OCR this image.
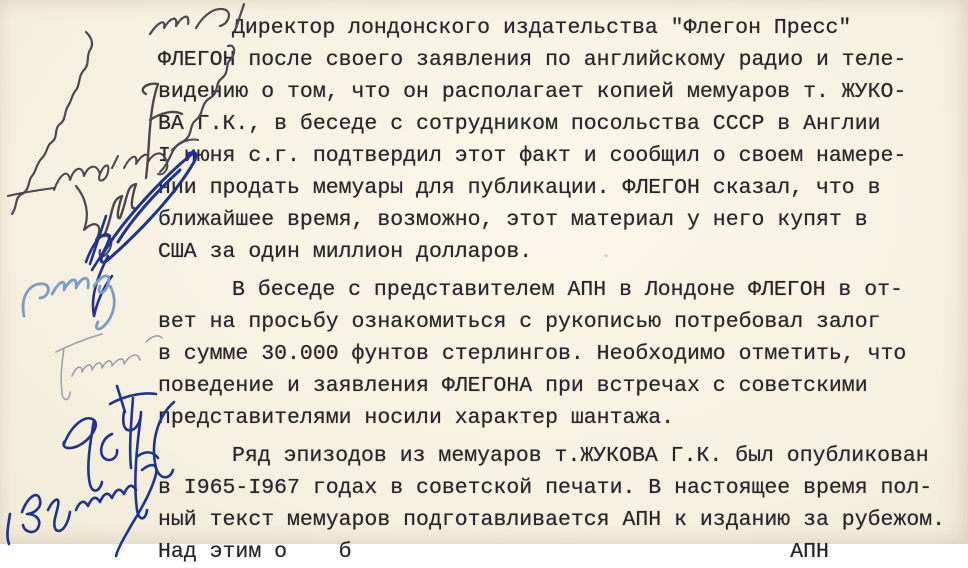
Директор лондонского издательства "Флегон Пресс"
ФЛЕГОН после своего заявления по английскому радио и теле-
видению о том, что он располагает копией мемуаров т. ЖУКО-
ВА Г.К., в беседе с сотрудником посольства СССР в Англии
I июня с.г. подтвердил этот факт и сообщил о своем намере-
нии продать мемуары для публикации. ФЛЕГОН сказал, что в
ближайшее время, возможно, этот материал у него купят в
США за один миллион долларов.
В беседе с представителем АПН в Лондоне ФЛЕГОН в от-
вет на просьбу ознакомиться с рукописью потребовал залог
в сумме 30.000 фунтов стерлингов. Необходимо отметить, что
поведение и заявления ФЛЕГОНА при встречах с советскими
представителями носили характер шантажа.
Ряд эпизодов из мемуаров т.ЖУКОВА Г.К. был опубликован
в I965-I967 годах в советской печати. В настоящее время пол-
ный текст мемуаров подготавливается АПН к изданию за рубежом.
Над этим о    б                                  АПН
